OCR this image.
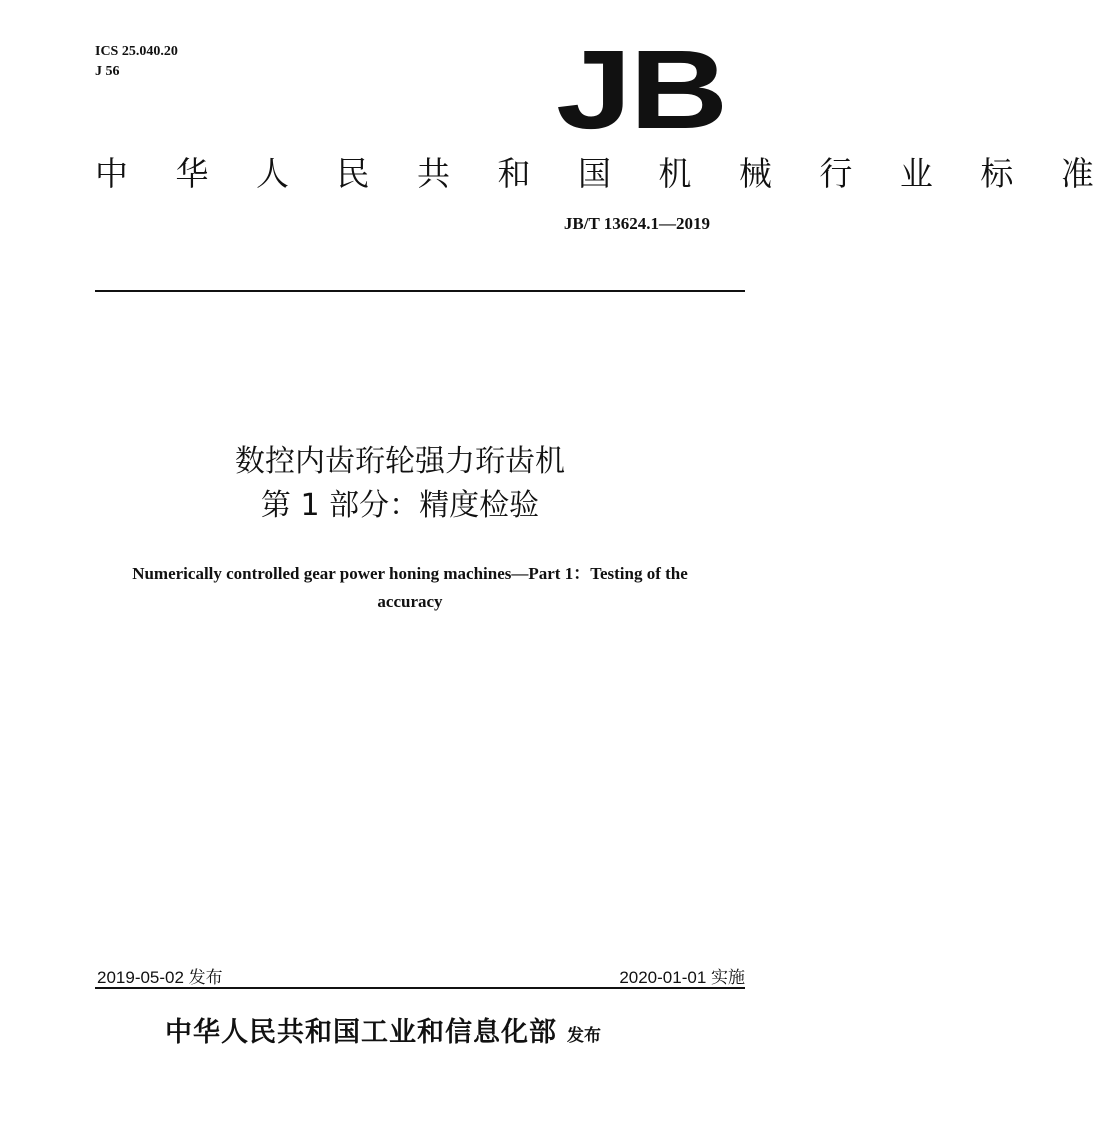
ICS 25.040.20
J 56	JB
中 华 人 民 共 和 国 机 械 行 业 标 准
JB/T 13624.1—2019
数控内齿珩轮强力珩齿机
第 1 部分：精度检验
Numerically controlled gear power honing machines—Part 1：Testing of the
accuracy
2019-05-02 发布	2020-01-01 实施
中华人民共和国工业和信息化部 发布
